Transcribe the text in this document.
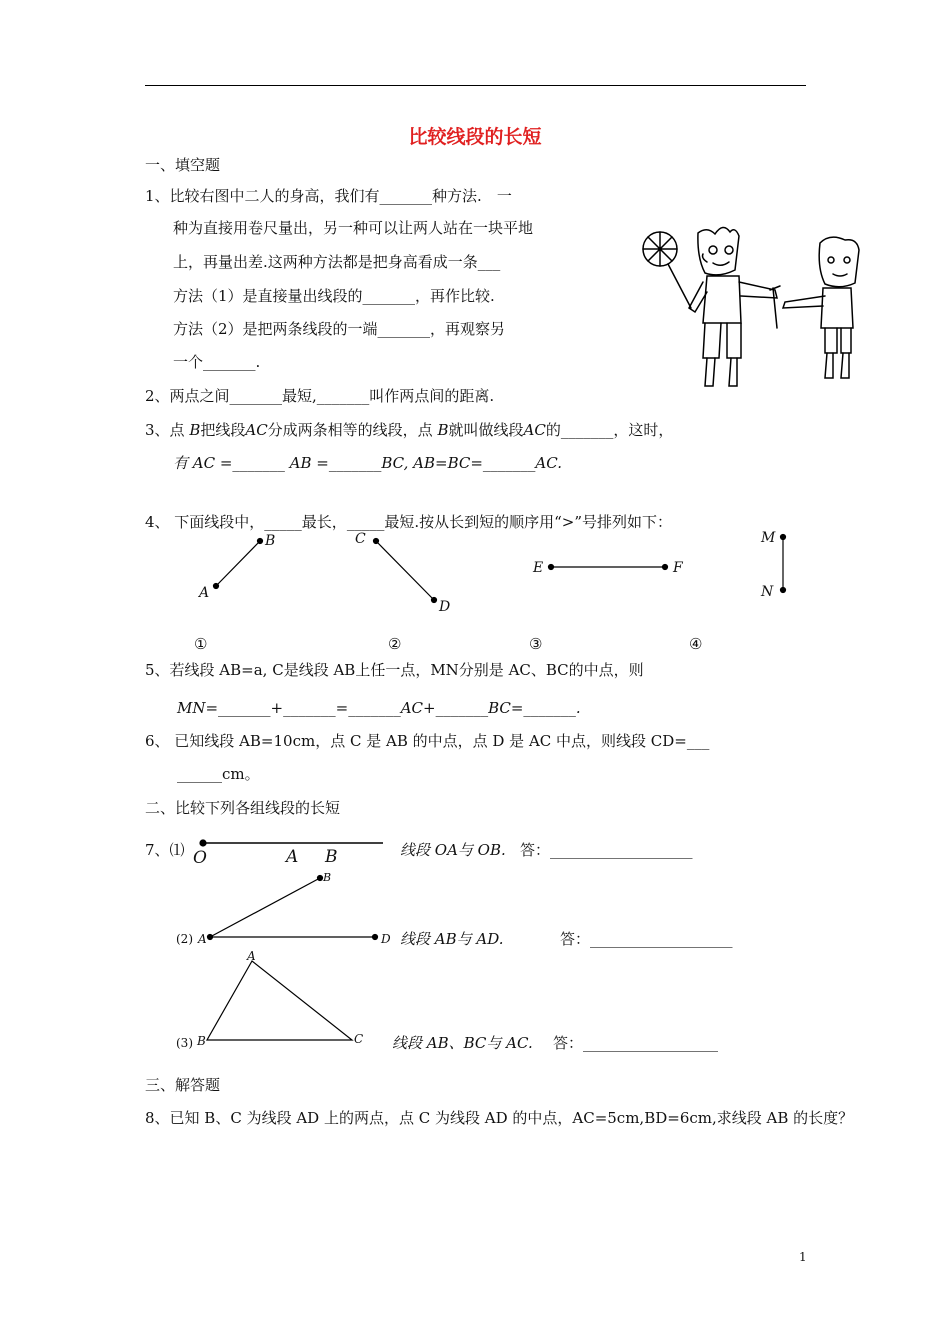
比较线段的长短
一、填空题
1、比较右图中二人的身高，我们有_______种方法.　一
种为直接用卷尺量出，另一种可以让两人站在一块平地
上，再量出差.这两种方法都是把身高看成一条___
方法（1）是直接量出线段的_______，再作比较.
方法（2）是把两条线段的一端_______，再观察另
一个_______.
2、两点之间_______最短,_______叫作两点间的距离.
3、点 B把线段AC分成两条相等的线段，点 B就叫做线段AC的_______，这时，
有 AC =_______ AB =_______BC, AB=BC=_______AC.
4、 下面线段中，_____最长，_____最短.按从长到短的顺序用“>”号排列如下：
A
B	C
D
E	F
M
N
①	②	③	④
5、若线段 AB=a, C是线段 AB上任一点，MN分别是 AC、BC的中点，则
MN=_______+_______=_______AC+_______BC=_______.
6、 已知线段 AB=10cm，点 C 是 AB 的中点，点 D 是 AC 中点，则线段 CD=___
______cm。
二、比较下列各组线段的长短
7、⑴ O	A B	线段 OA与 OB. 答：___________________
B
(2) A	D 线段 AB与 AD.	答：___________________
A
(3) B	C 线段 AB、BC与 AC. 答：__________________
三、解答题
8、已知 B、C 为线段 AD 上的两点，点 C 为线段 AD 的中点，AC=5cm,BD=6cm,求线段 AB 的长度？
1
